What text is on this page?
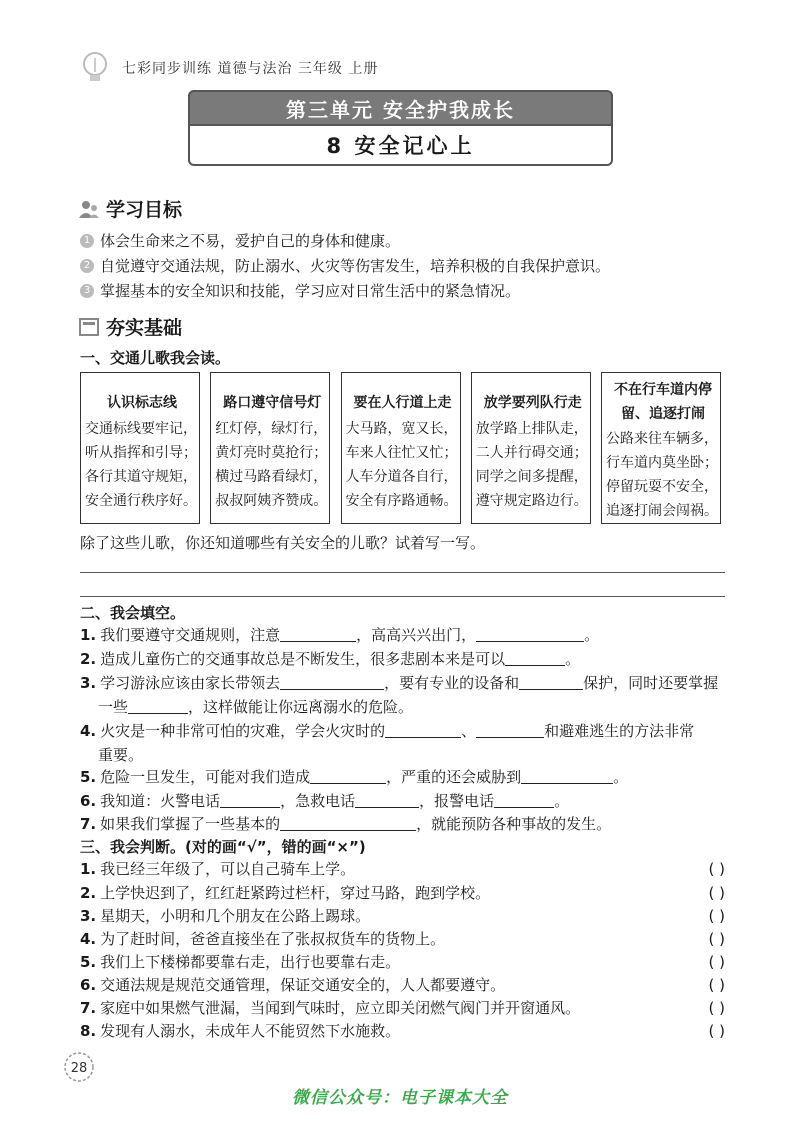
七彩同步训练 道德与法治 三年级 上册
第三单元 安全护我成长
8 安全记心上
学习目标
1 体会生命来之不易，爱护自己的身体和健康。
2 自觉遵守交通法规，防止溺水、火灾等伤害发生，培养积极的自我保护意识。
3 掌握基本的安全知识和技能，学习应对日常生活中的紧急情况。
夯实基础
一、交通儿歌我会读。
认识标志线
交通标线要牢记，
听从指挥和引导；
各行其道守规矩，
安全通行秩序好。
路口遵守信号灯
红灯停，绿灯行，
黄灯亮时莫抢行；
横过马路看绿灯，
叔叔阿姨齐赞成。
要在人行道上走
大马路，宽又长，
车来人往忙又忙；
人车分道各自行，
安全有序路通畅。
放学要列队行走
放学路上排队走，
二人并行碍交通；
同学之间多提醒，
遵守规定路边行。
不在行车道内停
留、追逐打闹
公路来往车辆多，
行车道内莫坐卧；
停留玩耍不安全，
追逐打闹会闯祸。
除了这些儿歌，你还知道哪些有关安全的儿歌？试着写一写。
二、我会填空。
1. 我们要遵守交通规则，注意	，高高兴兴出门，	。
2. 造成儿童伤亡的交通事故总是不断发生，很多悲剧本来是可以	。
3. 学习游泳应该由家长带领去	，要有专业的设备和	保护，同时还要掌握
一些	，这样做能让你远离溺水的危险。
4. 火灾是一种非常可怕的灾难，学会火灾时的	、	和避难逃生的方法非常
重要。
5. 危险一旦发生，可能对我们造成	，严重的还会威胁到	。
6. 我知道：火警电话	，急救电话	，报警电话	。
7. 如果我们掌握了一些基本的	，就能预防各种事故的发生。
三、我会判断。(对的画“√”，错的画“×”)
1. 我已经三年级了，可以自己骑车上学。	( )
2. 上学快迟到了，红红赶紧跨过栏杆，穿过马路，跑到学校。	( )
3. 星期天，小明和几个朋友在公路上踢球。	( )
4. 为了赶时间，爸爸直接坐在了张叔叔货车的货物上。	( )
5. 我们上下楼梯都要靠右走，出行也要靠右走。	( )
6. 交通法规是规范交通管理，保证交通安全的，人人都要遵守。	( )
7. 家庭中如果燃气泄漏，当闻到气味时，应立即关闭燃气阀门并开窗通风。	( )
8. 发现有人溺水，未成年人不能贸然下水施救。	( )
28
微信公众号：电子课本大全
